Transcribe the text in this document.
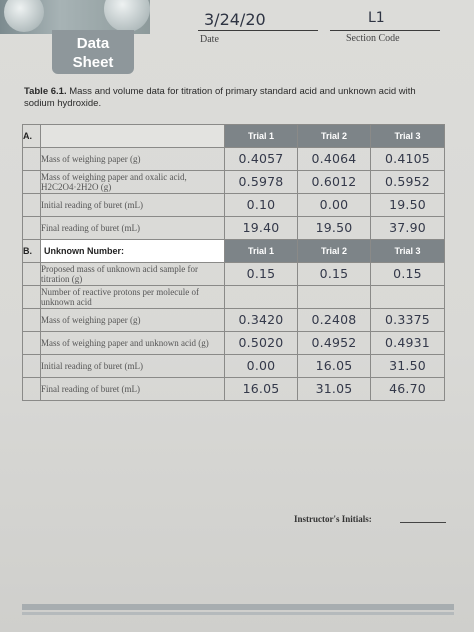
Data
Sheet
3/24/20
Date
L1
Section Code
Table 6.1. Mass and volume data for titration of primary standard acid and unknown acid with sodium hydroxide.
A.		Trial 1	Trial 2	Trial 3
	Mass of weighing paper (g)	0.4057	0.4064	0.4105
	Mass of weighing paper and oxalic acid, H2C2O4·2H2O (g)	0.5978	0.6012	0.5952
	Initial reading of buret (mL)	0.10	0.00	19.50
	Final reading of buret (mL)	19.40	19.50	37.90
B.	Unknown Number:	Trial 1	Trial 2	Trial 3
	Proposed mass of unknown acid sample for titration (g)	0.15	0.15	0.15
	Number of reactive protons per molecule of unknown acid			
	Mass of weighing paper (g)	0.3420	0.2408	0.3375
	Mass of weighing paper and unknown acid (g)	0.5020	0.4952	0.4931
	Initial reading of buret (mL)	0.00	16.05	31.50
	Final reading of buret (mL)	16.05	31.05	46.70
Instructor's Initials:
